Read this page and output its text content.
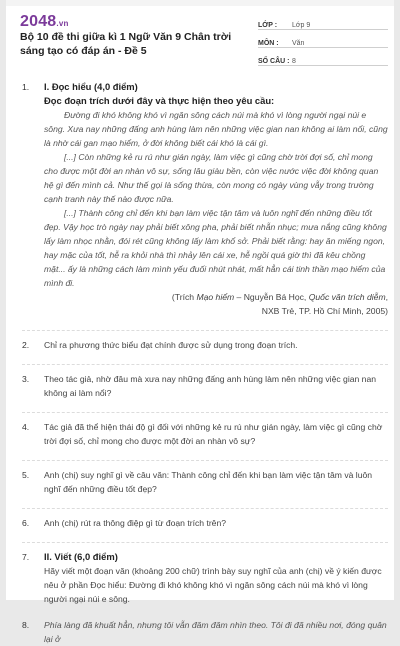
2048.vn
Bộ 10 đề thi giữa kì 1 Ngữ Văn 9 Chân trời sáng tạo có đáp án - Đề 5
LỚP :	Lớp 9
MÔN :	Văn
SỐ CÂU : 8
1.	I. Đọc hiểu (4,0 điểm)
Đọc đoạn trích dưới đây và thực hiện theo yêu cầu:
Đường đi khó không khó vì ngăn sông cách núi mà khó vì lòng người ngại núi e sông. Xưa nay những đấng anh hùng làm nên những việc gian nan không ai làm nổi, cũng là nhờ cái gan mạo hiểm, ở đời không biết cái khó là cái gì.
[...] Còn những kẻ ru rú như gián ngày, làm việc gì cũng chờ trời đợi số, chỉ mong cho được một đời an nhàn vô sự, sống lâu giàu bền, còn việc nước việc đời không quan hệ gì đến mình cả. Như thế gọi là sống thừa, còn mong có ngày vùng vẫy trong trường cạnh tranh này thế nào được nữa.
[...] Thành công chỉ đến khi bạn làm việc tận tâm và luôn nghĩ đến những điều tốt đẹp. Vậy học trò ngày nay phải biết xông pha, phải biết nhẫn nhục; mưa nắng cũng không lấy làm nhọc nhằn, đói rét cũng không lấy làm khổ sở. Phải biết rằng: hay ăn miếng ngon, hay mặc của tốt, hễ ra khỏi nhà thì nhảy lên cái xe, hễ ngồi quá giờ thì đã kêu chồng mặt... ấy là những cách làm mình yếu đuối nhút nhát, mất hẳn cái tinh thần mạo hiểm của mình đi.
(Trích Mạo hiểm – Nguyễn Bá Học, Quốc văn trích diễm,
NXB Trẻ, TP. Hồ Chí Minh, 2005)
2.	Chỉ ra phương thức biểu đạt chính được sử dụng trong đoạn trích.
3.	Theo tác giả, nhờ đâu mà xưa nay những đấng anh hùng làm nên những việc gian nan không ai làm nổi?
4.	Tác giả đã thể hiện thái độ gì đối với những kẻ ru rú như gián ngày, làm việc gì cũng chờ trời đợi số, chỉ mong cho được một đời an nhàn vô sự?
5.	Anh (chị) suy nghĩ gì về câu văn: Thành công chỉ đến khi bạn làm việc tận tâm và luôn nghĩ đến những điều tốt đẹp?
6.	Anh (chị) rút ra thông điệp gì từ đoạn trích trên?
7.	II. Viết (6,0 điểm)
Hãy viết một đoạn văn (khoảng 200 chữ) trình bày suy nghĩ của anh (chị) về ý kiến được nêu ở phần Đọc hiểu: Đường đi khó không khó vì ngăn sông cách núi mà khó vì lòng người ngại núi e sông.
8.	Phía làng đã khuất hẳn, nhưng tôi vẫn đăm đăm nhìn theo. Tôi đi đã nhiều nơi, đóng quân lại ở
